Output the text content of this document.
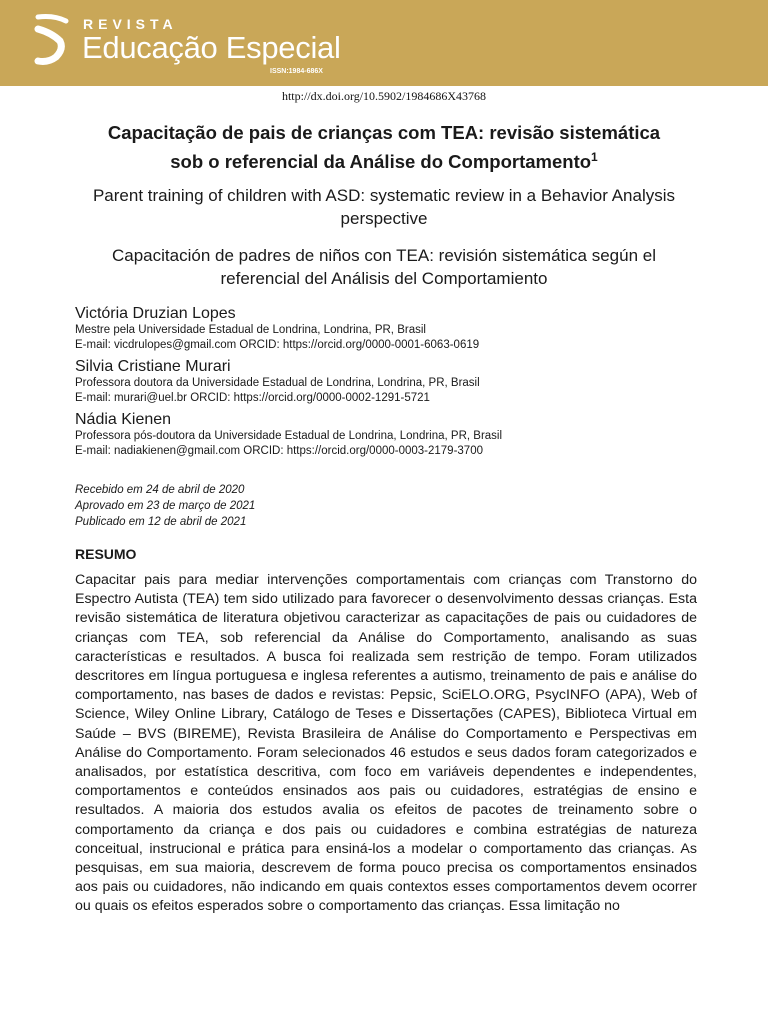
REVISTA
Educação Especial
ISSN:1984-686X
http://dx.doi.org/10.5902/1984686X43768
Capacitação de pais de crianças com TEA: revisão sistemática
sob o referencial da Análise do Comportamento$^1$
Parent training of children with ASD: systematic review in a Behavior Analysis
perspective
Capacitación de padres de niños con TEA: revisión sistemática según el
referencial del Análisis del Comportamiento
Victória Druzian Lopes
Mestre pela Universidade Estadual de Londrina, Londrina, PR, Brasil
E-mail: vicdrulopes@gmail.com ORCID: https://orcid.org/0000-0001-6063-0619
Silvia Cristiane Murari
Professora doutora da Universidade Estadual de Londrina, Londrina, PR, Brasil
E-mail: murari@uel.br ORCID: https://orcid.org/0000-0002-1291-5721
Nádia Kienen
Professora pós-doutora da Universidade Estadual de Londrina, Londrina, PR, Brasil
E-mail: nadiakienen@gmail.com ORCID: https://orcid.org/0000-0003-2179-3700
Recebido em 24 de abril de 2020
Aprovado em 23 de março de 2021
Publicado em 12 de abril de 2021
RESUMO

Capacitar pais para mediar intervenções comportamentais com crianças com Transtorno do Espectro Autista (TEA) tem sido utilizado para favorecer o desenvolvimento dessas crianças. Esta revisão sistemática de literatura objetivou caracterizar as capacitações de pais ou cuidadores de crianças com TEA, sob referencial da Análise do Comportamento, analisando as suas características e resultados. A busca foi realizada sem restrição de tempo. Foram utilizados descritores em língua portuguesa e inglesa referentes a autismo, treinamento de pais e análise do comportamento, nas bases de dados e revistas: Pepsic, SciELO.ORG, PsycINFO (APA), Web of Science, Wiley Online Library, Catálogo de Teses e Dissertações (CAPES), Biblioteca Virtual em Saúde – BVS (BIREME), Revista Brasileira de Análise do Comportamento e Perspectivas em Análise do Comportamento. Foram selecionados 46 estudos e seus dados foram categorizados e analisados, por estatística descritiva, com foco em variáveis dependentes e independentes, comportamentos e conteúdos ensinados aos pais ou cuidadores, estratégias de ensino e resultados. A maioria dos estudos avalia os efeitos de pacotes de treinamento sobre o comportamento da criança e dos pais ou cuidadores e combina estratégias de natureza conceitual, instrucional e prática para ensiná-los a modelar o comportamento das crianças. As pesquisas, em sua maioria, descrevem de forma pouco precisa os comportamentos ensinados aos pais ou cuidadores, não indicando em quais contextos esses comportamentos devem ocorrer ou quais os efeitos esperados sobre o comportamento das crianças. Essa limitação no
